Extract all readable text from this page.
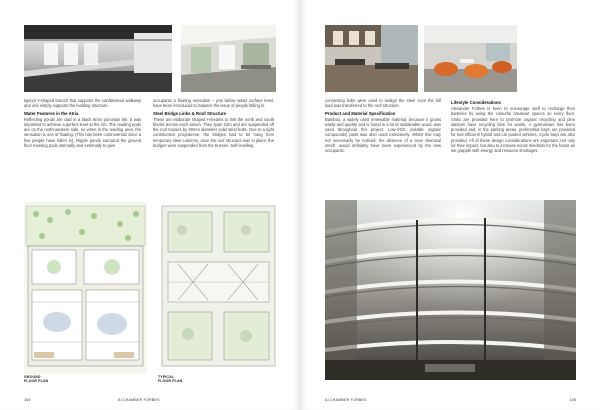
typical Y-shaped branch that supports the cantilevered walkway and one simply supports the building structure.

Water Features in the Atria

Reflecting ponds are clad in a black 6mm porcelain tile. It was important to achieve a perfect level at the rim. The reading pods are on the north-western side, so when in the reading area, the sensation is one of floating. (This has been controversial since a few people have fallen in). Ripple ponds surround the ground floor meeting pods internally and externally to give

occupants a floating sensation – jets below water surface level, have been introduced to balance the issue of people falling in.

Steel Bridge Links & Roof Structure

These are elaborate shaped H-beams to link the north and south blocks across each atrium. They span 22m and are suspended off the roof trusses by 60mm diameter solid steel bolts. Due to a tight construction programme, the bridges had to be hung from temporary steel columns, once the roof structure was in place, the bridges were suspended from the trusses. Self levelling

GROUND
FLOOR PLAN
TYPICAL
FLOOR PLAN
104	AI CHAMBER FORBES

connecting bolts were used to realign the steel once the full load was transferred to the roof structure.

Product and Material Specification

Bamboo, a widely used renewable material, because it grows easily and quickly and is found in a lot of sustainable wood, was used throughout the project. Low-VOC (volatile organic compounds) paint was also used extensively. Whilst this may not necessarily be noticed, the absence of a 'new chemical smell', would definitely have been experienced by the new occupants.

Lifestyle Considerations

Alexander Forbes is keen to encourage staff to recharge their batteries by using the colourful breakout spaces on every floor. Sinks are provided here to promote organic recycling and pine stations have recycling bins for waste. A gymnasium has been provided and, in the parking areas, preferential bays are provided for fuel efficient/ hybrid and car pooled vehicles. Cycle bays are also provided. All of these design considerations are important, not only for their impact, but also to increase social mindsets for the future as we grapple with energy and resource shortages.

AI CHAMBER FORBES	105
